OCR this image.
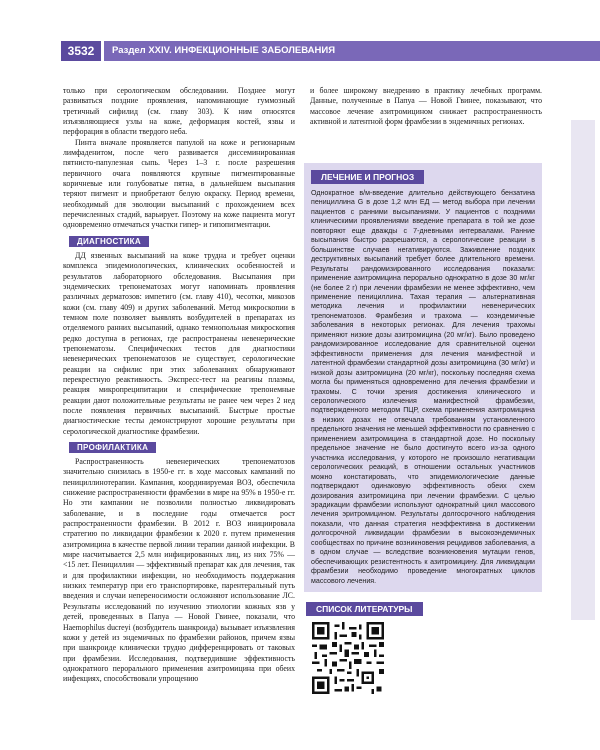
3532	Раздел XXIV. ИНФЕКЦИОННЫЕ ЗАБОЛЕВАНИЯ

только при серологическом обследовании. Позднее могут развиваться поздние проявления, напоминающие гуммозный третичный сифилид (см. главу 303). К ним относятся изъязвляющиеся узлы на коже, деформация костей, язвы и перфорация в области твердого неба.

Пинта вначале проявляется папулой на коже и регионарным лимфаденитом, после чего развивается диссеминированная пятнисто-папулезная сыпь. Через 1–3 г. после разрешения первичного очага появляются крупные пигментированные коричневые или голубоватые пятна, в дальнейшем высыпания теряют пигмент и приобретают белую окраску. Период времени, необходимый для эволюции высыпаний с прохождением всех перечисленных стадий, варьирует. Поэтому на коже пациента могут одновременно отмечаться участки гипер- и гипопигментации.

ДИАГНОСТИКА

ДД язвенных высыпаний на коже трудна и требует оценки комплекса эпидемиологических, клинических особенностей и результатов лабораторного обследования. Высыпания при эндемических трепонематозах могут напоминать проявления различных дерматозов: импетиго (см. главу 410), чесотки, микозов кожи (см. главу 409) и других заболеваний. Метод микроскопии в темном поле позволяет выявлять возбудителей в препаратах из отделяемого ранних высыпаний, однако темнопольная микроскопия редко доступна в регионах, где распространены невенерические трепонематозы. Специфических тестов для диагностики невенерических трепонематозов не существует, серологические реакции на сифилис при этих заболеваниях обнаруживают перекрестную реактивность. Экспресс-тест на реагины плазмы, реакция микропреципитации и специфические трепонемные реакции дают положительные результаты не ранее чем через 2 нед после появления первичных высыпаний. Быстрые простые диагностические тесты демонстрируют хорошие результаты при серологической диагностике фрамбезии.

ПРОФИЛАКТИКА

Распространенность невенерических трепонематозов значительно снизилась в 1950-е гг. в ходе массовых кампаний по пенициллинотерапии. Кампания, координируемая ВОЗ, обеспечила снижение распространенности фрамбезии в мире на 95% в 1950-е гг. Но эти кампании не позволили полностью ликвидировать заболевание, и в последние годы отмечается рост распространенности фрамбезии. В 2012 г. ВОЗ инициировала стратегию по ликвидации фрамбезии к 2020 г. путем применения азитромицина в качестве первой линии терапии данной инфекции. В мире насчитывается 2,5 млн инфицированных лиц, из них 75% — <15 лет. Пенициллин — эффективный препарат как для лечения, так и для профилактики инфекции, но необходимость поддержания низких температур при его транспортировке, парентеральный путь введения и случаи непереносимости осложняют использование ЛС. Результаты исследований по изучению этиологии кожных язв у детей, проведенных в Папуа — Новой Гвинее, показали, что Haemophilus ducreyi (возбудитель шанкроида) вызывает изъязвления кожи у детей из эндемичных по фрамбезии районов, причем язвы при шанкроиде клинически трудно дифференцировать от таковых при фрамбезии. Исследования, подтвердившие эффективность однократного перорального применения азитромицина при обеих инфекциях, способствовали упрощению

и более широкому внедрению в практику лечебных программ. Данные, полученные в Папуа — Новой Гвинее, показывают, что массовое лечение азитромицином снижает распространенность активной и латентной форм фрамбезии в эндемичных регионах.

ЛЕЧЕНИЕ И ПРОГНОЗ
Однократное в/м-введение длительно действующего бензатина пенициллина G в дозе 1,2 млн ЕД — метод выбора при лечении пациентов с ранними высыпаниями. У пациентов с поздними клиническими проявлениями введение препарата в той же дозе повторяют еще дважды с 7-дневными интервалами. Ранние высыпания быстро разрешаются, а серологические реакции в большинстве случаев негативируются. Заживление поздних деструктивных высыпаний требует более длительного времени. Результаты рандомизированного исследования показали: применение азитромицина перорально однократно в дозе 30 мг/кг (не более 2 г) при лечении фрамбезии не менее эффективно, чем применение пенициллина. Тахая терапия — альтернативная методика лечения и профилактики невенерических трепонематозов. Фрамбезия и трахома — коэндемичные заболевания в некоторых регионах. Для лечения трахомы применяют низкие дозы азитромицина (20 мг/кг). Было проведено рандомизированное исследование для сравнительной оценки эффективности применения для лечения манифестной и латентной фрамбезии стандартной дозы азитромицина (30 мг/кг) и низкой дозы азитромицина (20 мг/кг), поскольку последняя схема могла бы применяться одновременно для лечения фрамбезии и трахомы. С точки зрения достижения клинического и серологического излечения манифестной фрамбезии, подтвержденного методом ПЦР, схема применения азитромицина в низких дозах не отвечала требованиям установленного предельного значения не меньшей эффективности по сравнению с применением азитромицина в стандартной дозе. Но поскольку предельное значение не было достигнуто всего из-за одного участника исследования, у которого не произошло негативации серологических реакций, в отношении остальных участников можно констатировать, что эпидемиологические данные подтверждают одинаковую эффективность обеих схем дозирования азитромицина при лечении фрамбезии. С целью эрадикации фрамбезии используют однократный цикл массового лечения эритромицином. Результаты долгосрочного наблюдения показали, что данная стратегия неэффективна в достижении долгосрочной ликвидации фрамбезии в высокоэндемичных сообществах по причине возникновения рецидивов заболевания, а в одном случае — вследствие возникновения мутации генов, обеспечивающих резистентность к азитромицину. Для ликвидации фрамбезии необходимо проведение многократных циклов массового лечения.
СПИСОК ЛИТЕРАТУРЫ
